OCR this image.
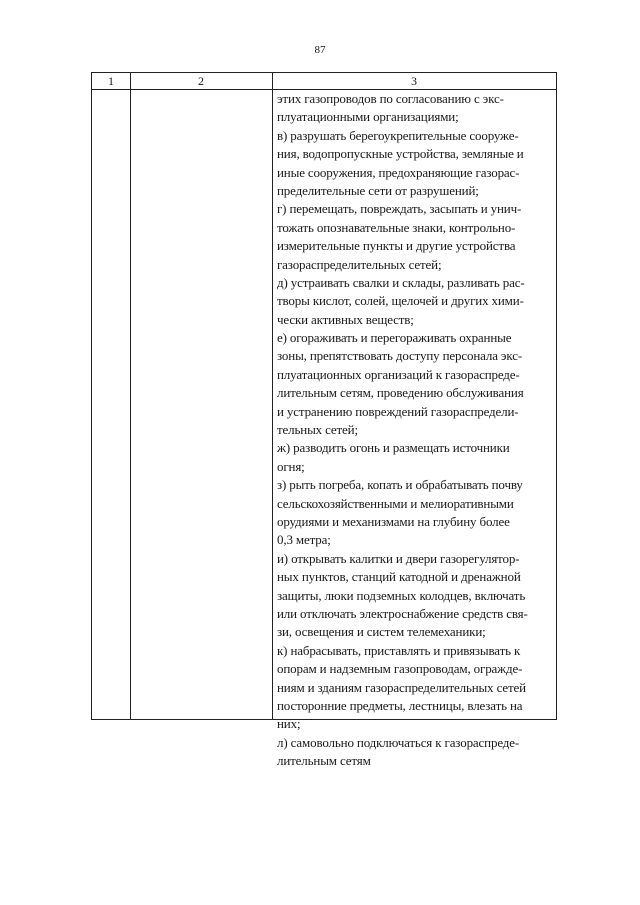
87
1	2	3
этих газопроводов по согласованию с экс-
плуатационными организациями;
в) разрушать берегоукрепительные сооруже-
ния, водопропускные устройства, земляные и
иные сооружения, предохраняющие газорас-
пределительные сети от разрушений;
г) перемещать, повреждать, засыпать и унич-
тожать опознавательные знаки, контрольно-
измерительные пункты и другие устройства
газораспределительных сетей;
д) устраивать свалки и склады, разливать рас-
творы кислот, солей, щелочей и других хими-
чески активных веществ;
е) огораживать и перегораживать охранные
зоны, препятствовать доступу персонала экс-
плуатационных организаций к газораспреде-
лительным сетям, проведению обслуживания
и устранению повреждений газораспредели-
тельных сетей;
ж) разводить огонь и размещать источники
огня;
з) рыть погреба, копать и обрабатывать почву
сельскохозяйственными и мелиоративными
орудиями и механизмами на глубину более
0,3 метра;
и) открывать калитки и двери газорегулятор-
ных пунктов, станций катодной и дренажной
защиты, люки подземных колодцев, включать
или отключать электроснабжение средств свя-
зи, освещения и систем телемеханики;
к) набрасывать, приставлять и привязывать к
опорам и надземным газопроводам, огражде-
ниям и зданиям газораспределительных сетей
посторонние предметы, лестницы, влезать на
них;
л) самовольно подключаться к газораспреде-
лительным сетям
